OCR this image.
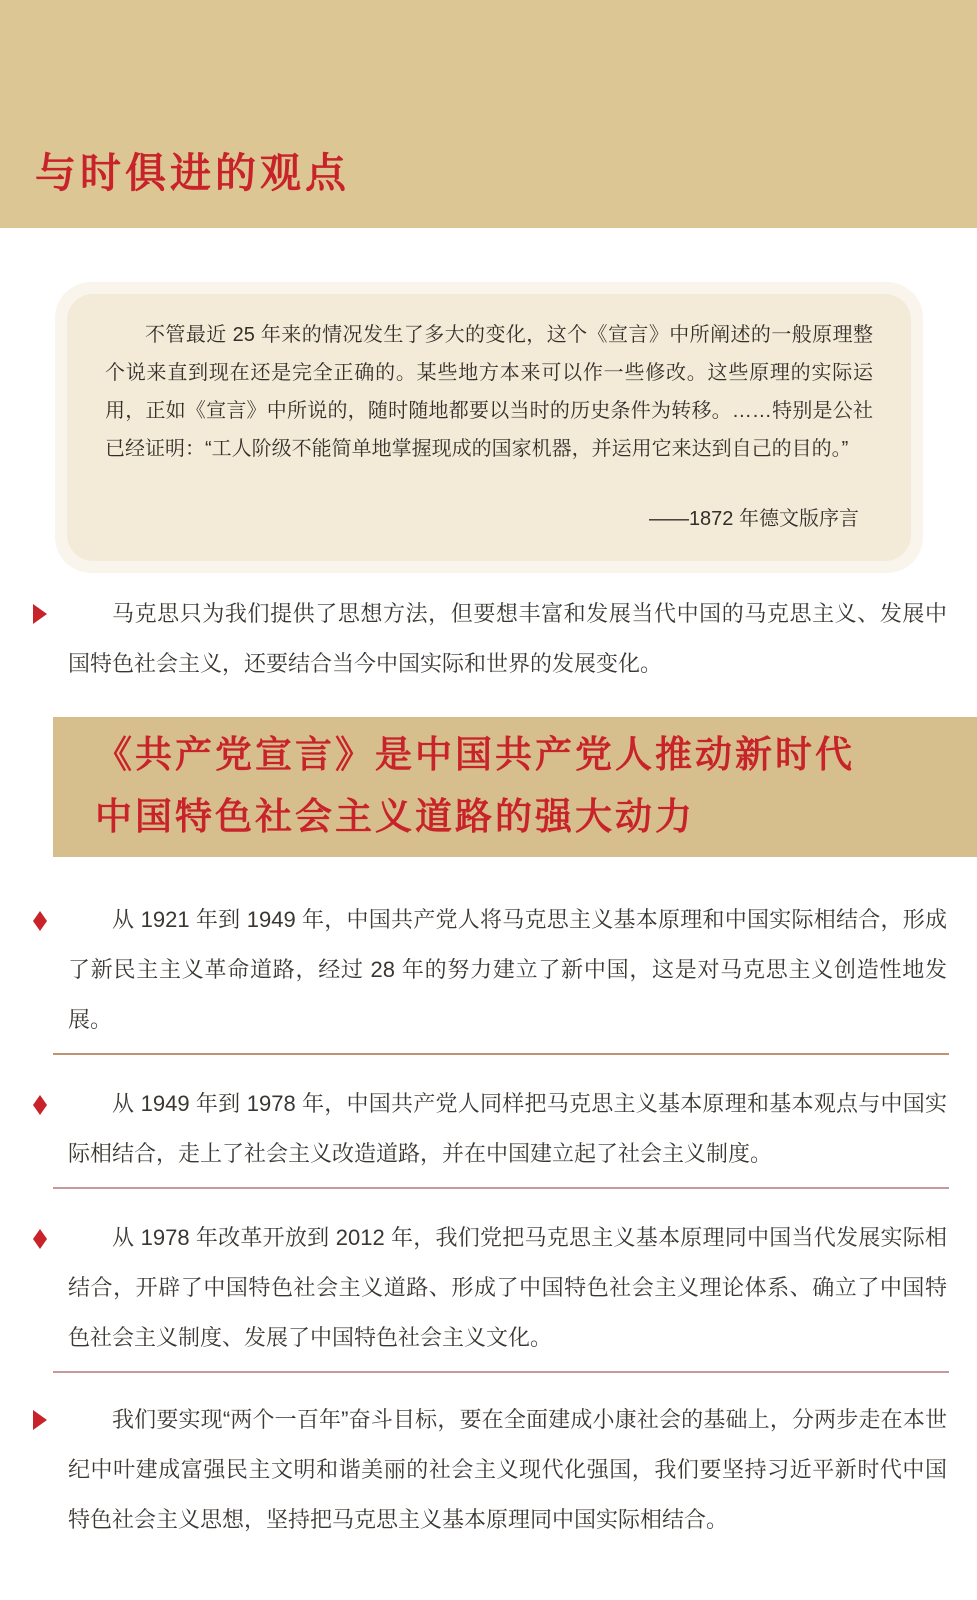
与时俱进的观点

不管最近 25 年来的情况发生了多大的变化，这个《宣言》中所阐述的一般原理整个说来直到现在还是完全正确的。某些地方本来可以作一些修改。这些原理的实际运用，正如《宣言》中所说的，随时随地都要以当时的历史条件为转移。……特别是公社已经证明：“工人阶级不能简单地掌握现成的国家机器，并运用它来达到自己的目的。”

——1872 年德文版序言
马克思只为我们提供了思想方法，但要想丰富和发展当代中国的马克思主义、发展中国特色社会主义，还要结合当今中国实际和世界的发展变化。
《共产党宣言》是中国共产党人推动新时代
中国特色社会主义道路的强大动力
从 1921 年到 1949 年，中国共产党人将马克思主义基本原理和中国实际相结合，形成了新民主主义革命道路，经过 28 年的努力建立了新中国，这是对马克思主义创造性地发展。
从 1949 年到 1978 年，中国共产党人同样把马克思主义基本原理和基本观点与中国实际相结合，走上了社会主义改造道路，并在中国建立起了社会主义制度。
从 1978 年改革开放到 2012 年，我们党把马克思主义基本原理同中国当代发展实际相结合，开辟了中国特色社会主义道路、形成了中国特色社会主义理论体系、确立了中国特色社会主义制度、发展了中国特色社会主义文化。
我们要实现“两个一百年”奋斗目标，要在全面建成小康社会的基础上，分两步走在本世纪中叶建成富强民主文明和谐美丽的社会主义现代化强国，我们要坚持习近平新时代中国特色社会主义思想，坚持把马克思主义基本原理同中国实际相结合。
